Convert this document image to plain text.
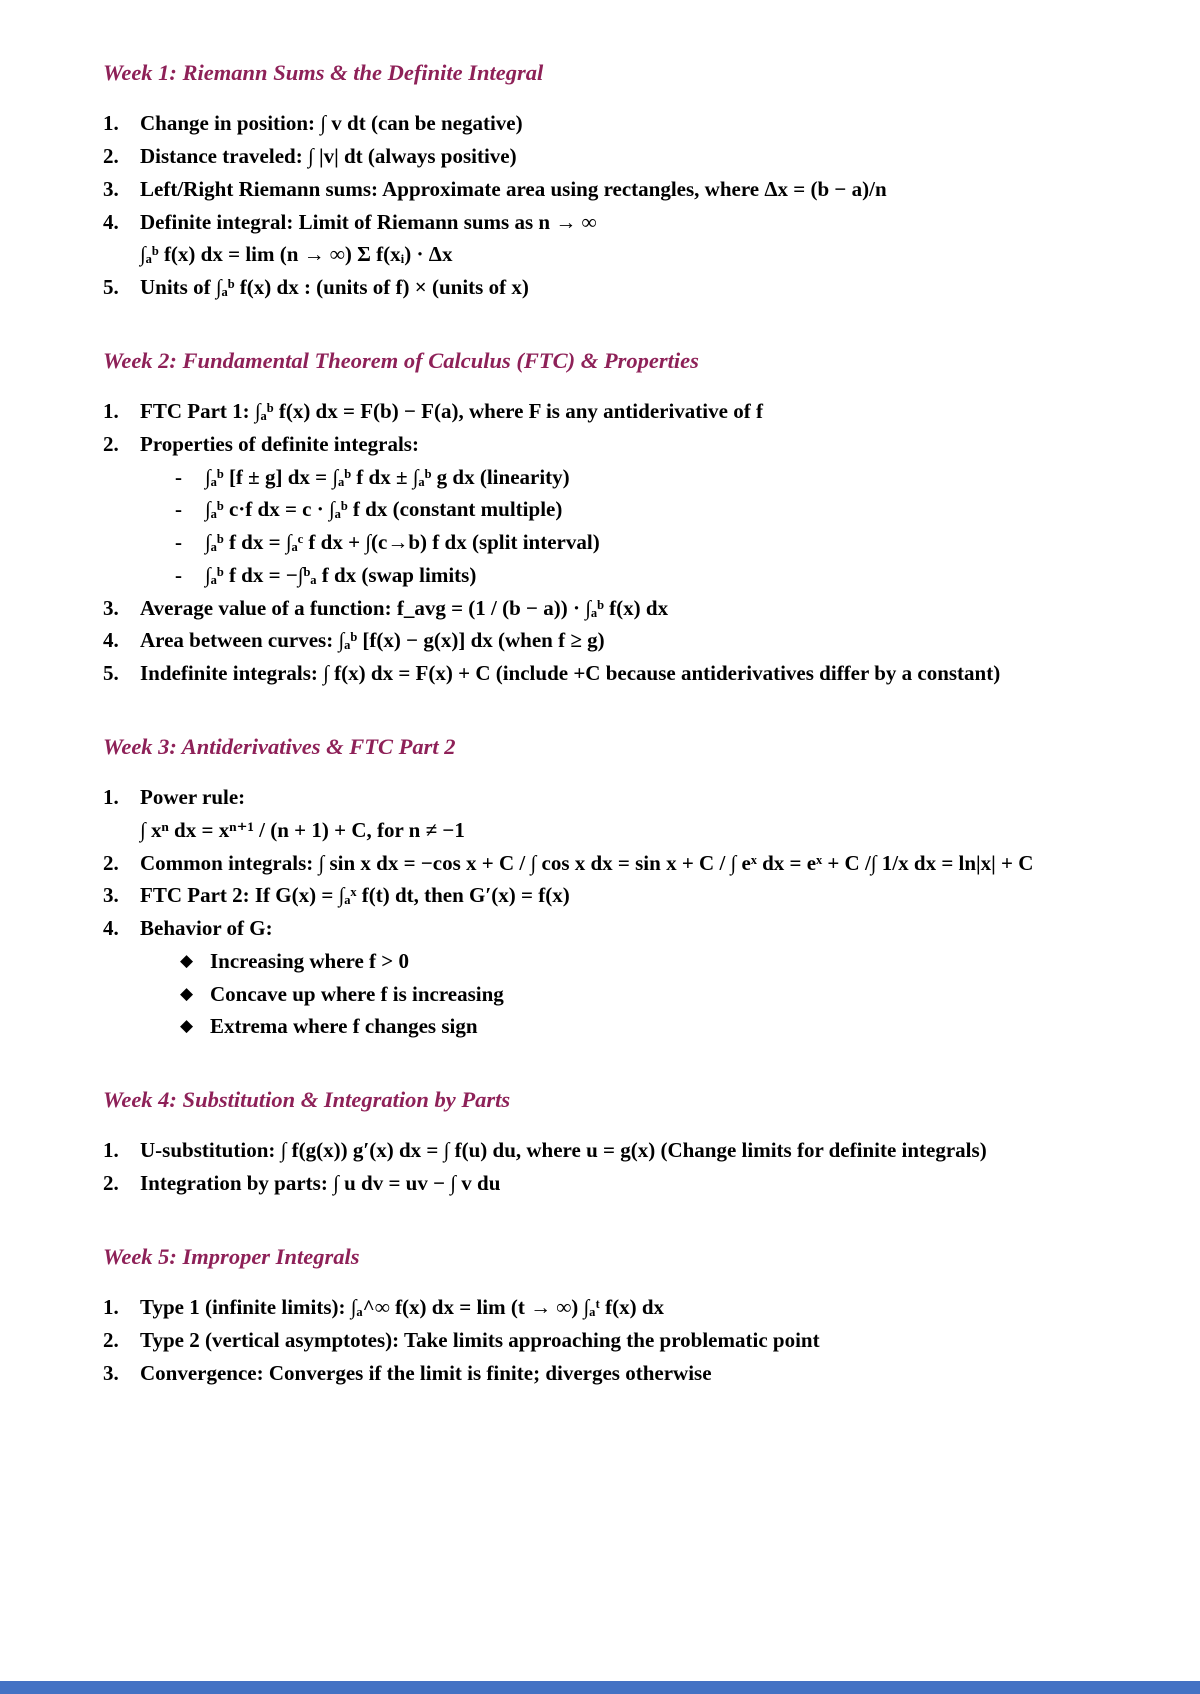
Week 1: Riemann Sums & the Definite Integral
1.	Change in position: ∫ v dt (can be negative)
2.	Distance traveled: ∫ |v| dt (always positive)
3.	Left/Right Riemann sums: Approximate area using rectangles, where Δx = (b − a)/n
4.	Definite integral: Limit of Riemann sums as n → ∞
∫ₐᵇ f(x) dx = lim (n → ∞) Σ f(xᵢ) · Δx
5.	Units of ∫ₐᵇ f(x) dx : (units of f) × (units of x)
Week 2: Fundamental Theorem of Calculus (FTC) & Properties
1.	FTC Part 1: ∫ₐᵇ f(x) dx = F(b) − F(a), where F is any antiderivative of f
2.	Properties of definite integrals:
-	∫ₐᵇ [f ± g] dx = ∫ₐᵇ f dx ± ∫ₐᵇ g dx (linearity)
-	∫ₐᵇ c·f dx = c · ∫ₐᵇ f dx (constant multiple)
-	∫ₐᵇ f dx = ∫ₐᶜ f dx + ∫(c→b) f dx (split interval)
-	∫ₐᵇ f dx = −∫ᵇₐ f dx (swap limits)
3.	Average value of a function: f_avg = (1 / (b − a)) · ∫ₐᵇ f(x) dx
4.	Area between curves: ∫ₐᵇ [f(x) − g(x)] dx (when f ≥ g)
5.	Indefinite integrals: ∫ f(x) dx = F(x) + C (include +C because antiderivatives differ by a constant)
Week 3: Antiderivatives & FTC Part 2
1.	Power rule:
∫ xⁿ dx = xⁿ⁺¹ / (n + 1) + C, for n ≠ −1
2.	Common integrals: ∫ sin x dx = −cos x + C / ∫ cos x dx = sin x + C / ∫ eˣ dx = eˣ + C /∫ 1/x dx = ln|x| + C
3.	FTC Part 2: If G(x) = ∫ₐˣ f(t) dt, then G′(x) = f(x)
4.	Behavior of G:
◆ Increasing where f > 0
◆ Concave up where f is increasing
◆ Extrema where f changes sign
Week 4: Substitution & Integration by Parts
1.	U-substitution: ∫ f(g(x)) g′(x) dx = ∫ f(u) du, where u = g(x) (Change limits for definite integrals)
2.	Integration by parts: ∫ u dv = uv − ∫ v du
Week 5: Improper Integrals
1.	Type 1 (infinite limits): ∫ₐ^∞ f(x) dx = lim (t → ∞) ∫ₐᵗ f(x) dx
2.	Type 2 (vertical asymptotes): Take limits approaching the problematic point
3.	Convergence: Converges if the limit is finite; diverges otherwise
